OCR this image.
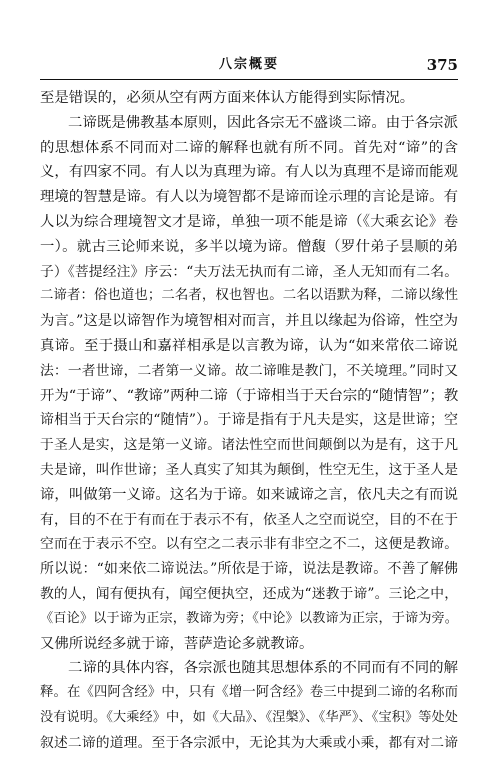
八宗概要	375
至是错误的，必须从空有两方面来体认方能得到实际情况。
二谛既是佛教基本原则，因此各宗无不盛谈二谛。由于各宗派
的思想体系不同而对二谛的解释也就有所不同。首先对“谛”的含
义，有四家不同。有人以为真理为谛。有人以为真理不是谛而能观
理境的智慧是谛。有人以为境智都不是谛而诠示理的言论是谛。有
人以为综合理境智文才是谛，单独一项不能是谛（《大乘玄论》卷
一）。就古三论师来说，多半以境为谛。僧馥（罗什弟子昙顺的弟
子）《菩提经注》序云：“夫万法无执而有二谛，圣人无知而有二名。
二谛者：俗也道也；二名者，权也智也。二名以语默为释，二谛以缘性
为言。”这是以谛智作为境智相对而言，并且以缘起为俗谛，性空为
真谛。至于摄山和嘉祥相承是以言教为谛，认为“如来常依二谛说
法：一者世谛，二者第一义谛。故二谛唯是教门，不关境理。”同时又
开为“于谛”、“教谛”两种二谛（于谛相当于天台宗的“随情智”；教
谛相当于天台宗的“随情”）。于谛是指有于凡夫是实，这是世谛；空
于圣人是实，这是第一义谛。诸法性空而世间颠倒以为是有，这于凡
夫是谛，叫作世谛；圣人真实了知其为颠倒，性空无生，这于圣人是
谛，叫做第一义谛。这名为于谛。如来诚谛之言，依凡夫之有而说
有，目的不在于有而在于表示不有，依圣人之空而说空，目的不在于
空而在于表示不空。以有空之二表示非有非空之不二，这便是教谛。
所以说：“如来依二谛说法。”所依是于谛，说法是教谛。不善了解佛
教的人，闻有便执有，闻空便执空，还成为“迷教于谛”。三论之中，
《百论》以于谛为正宗，教谛为旁；《中论》以教谛为正宗，于谛为旁。
又佛所说经多就于谛，菩萨造论多就教谛。
二谛的具体内容，各宗派也随其思想体系的不同而有不同的解
释。在《四阿含经》中，只有《增一阿含经》卷三中提到二谛的名称而
没有说明。《大乘经》中，如《大品》、《涅槃》、《华严》、《宝积》等处处
叙述二谛的道理。至于各宗派中，无论其为大乘或小乘，都有对二谛
